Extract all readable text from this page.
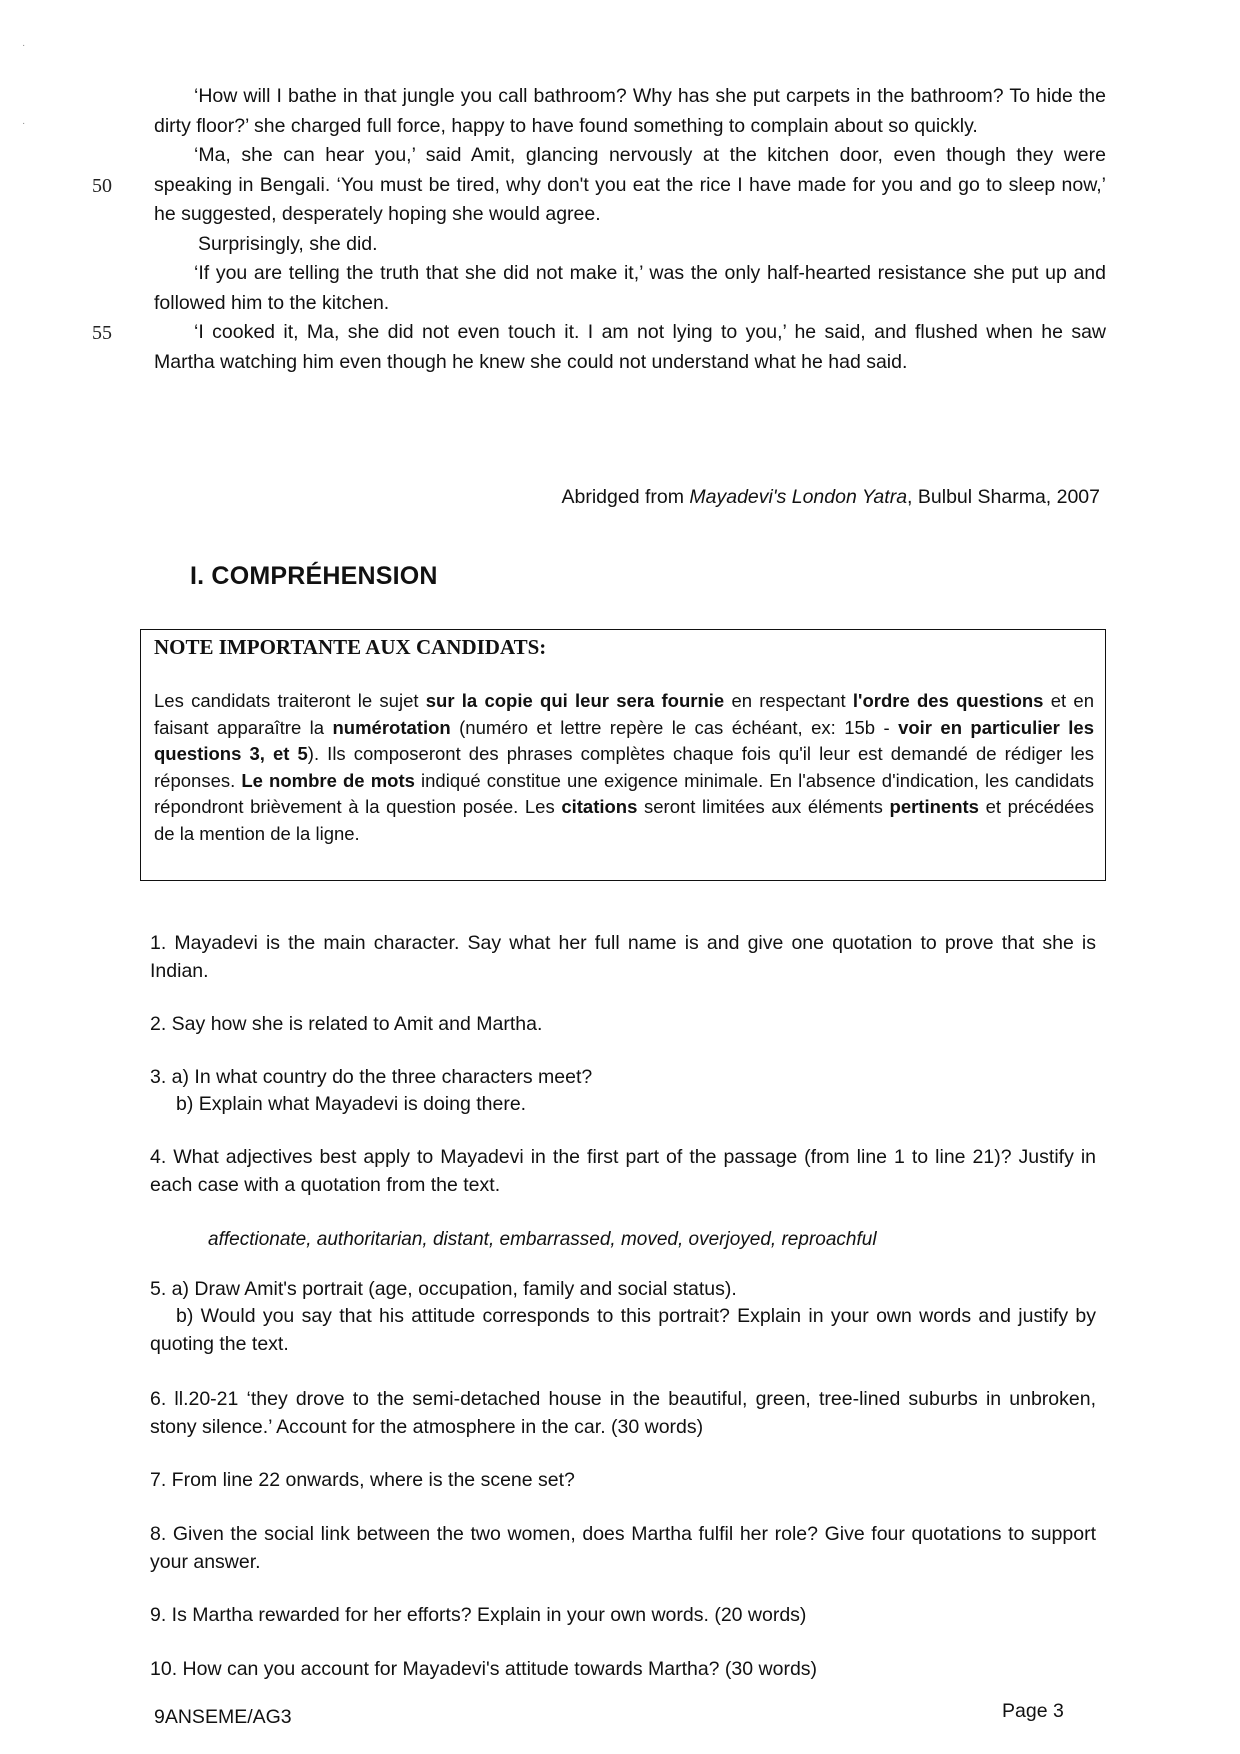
·
·

‘How will I bathe in that jungle you call bathroom? Why has she put carpets in the bathroom? To hide the dirty floor?’ she charged full force, happy to have found something to complain about so quickly.

‘Ma, she can hear you,’ said Amit, glancing nervously at the kitchen door, even though they were speaking in Bengali. ‘You must be tired, why don't you eat the rice I have made for you and go to sleep now,’ he suggested, desperately hoping she would agree.

Surprisingly, she did.

‘If you are telling the truth that she did not make it,’ was the only half-hearted resistance she put up and followed him to the kitchen.

‘I cooked it, Ma, she did not even touch it. I am not lying to you,’ he said, and flushed when he saw Martha watching him even though he knew she could not understand what he had said.

50
55
Abridged from Mayadevi's London Yatra, Bulbul Sharma, 2007
I. COMPRÉHENSION
NOTE IMPORTANTE AUX CANDIDATS:
Les candidats traiteront le sujet sur la copie qui leur sera fournie en respectant l'ordre des questions et en faisant apparaître la numérotation (numéro et lettre repère le cas échéant, ex: 15b - voir en particulier les questions 3, et 5). Ils composeront des phrases complètes chaque fois qu'il leur est demandé de rédiger les réponses. Le nombre de mots indiqué constitue une exigence minimale. En l'absence d'indication, les candidats répondront brièvement à la question posée. Les citations seront limitées aux éléments pertinents et précédées de la mention de la ligne.
1. Mayadevi is the main character. Say what her full name is and give one quotation to prove that she is Indian.
2. Say how she is related to Amit and Martha.
3. a) In what country do the three characters meet?
b) Explain what Mayadevi is doing there.
4. What adjectives best apply to Mayadevi in the first part of the passage (from line 1 to line 21)? Justify in each case with a quotation from the text.
affectionate, authoritarian, distant, embarrassed, moved, overjoyed, reproachful
5. a) Draw Amit's portrait (age, occupation, family and social status).
b) Would you say that his attitude corresponds to this portrait? Explain in your own words and justify by quoting the text.
6. ll.20-21 ‘they drove to the semi-detached house in the beautiful, green, tree-lined suburbs in unbroken, stony silence.’ Account for the atmosphere in the car. (30 words)
7. From line 22 onwards, where is the scene set?
8. Given the social link between the two women, does Martha fulfil her role? Give four quotations to support your answer.
9. Is Martha rewarded for her efforts? Explain in your own words. (20 words)
10. How can you account for Mayadevi's attitude towards Martha? (30 words)
9ANSEME/AG3	Page 3
